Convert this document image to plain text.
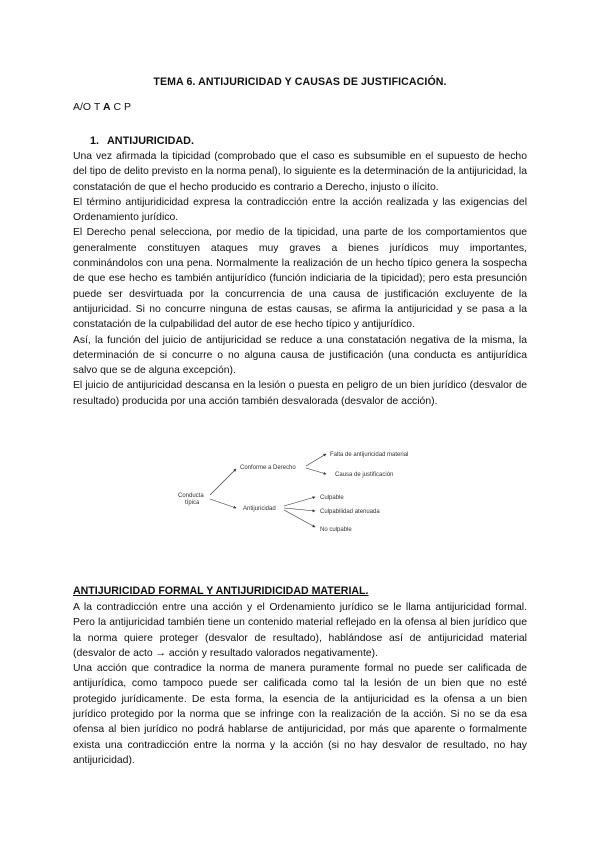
TEMA 6. ANTIJURICIDAD Y CAUSAS DE JUSTIFICACIÓN.
A/O T A C P
1. ANTIJURICIDAD.

Una vez afirmada la tipicidad (comprobado que el caso es subsumible en el supuesto de hecho del tipo de delito previsto en la norma penal), lo siguiente es la determinación de la antijuricidad, la constatación de que el hecho producido es contrario a Derecho, injusto o ilícito.

El término antijuridicidad expresa la contradicción entre la acción realizada y las exigencias del Ordenamiento jurídico.

El Derecho penal selecciona, por medio de la tipicidad, una parte de los comportamientos que generalmente constituyen ataques muy graves a bienes jurídicos muy importantes, conminándolos con una pena. Normalmente la realización de un hecho típico genera la sospecha de que ese hecho es también antijurídico (función indiciaria de la tipicidad); pero esta presunción puede ser desvirtuada por la concurrencia de una causa de justificación excluyente de la antijuricidad. Si no concurre ninguna de estas causas, se afirma la antijuricidad y se pasa a la constatación de la culpabilidad del autor de ese hecho típico y antijurídico.

Así, la función del juicio de antijuricidad se reduce a una constatación negativa de la misma, la determinación de si concurre o no alguna causa de justificación (una conducta es antijurídica salvo que se de alguna excepción).

El juicio de antijuricidad descansa en la lesión o puesta en peligro de un bien jurídico (desvalor de resultado) producida por una acción también desvalorada (desvalor de acción).

Conducta
típica
Conforme a Derecho
Antijuricidad
Falta de antijuricidad material
Causa de justificación
Culpable
Culpabilidad atenuada
No culpable
ANTIJURICIDAD FORMAL Y ANTIJURIDICIDAD MATERIAL.

A la contradicción entre una acción y el Ordenamiento jurídico se le llama antijuricidad formal. Pero la antijuricidad también tiene un contenido material reflejado en la ofensa al bien jurídico que la norma quiere proteger (desvalor de resultado), hablándose así de antijuricidad material (desvalor de acto → acción y resultado valorados negativamente).

Una acción que contradice la norma de manera puramente formal no puede ser calificada de antijurídica, como tampoco puede ser calificada como tal la lesión de un bien que no esté protegido jurídicamente. De esta forma, la esencia de la antijuricidad es la ofensa a un bien jurídico protegido por la norma que se infringe con la realización de la acción. Si no se da esa ofensa al bien jurídico no podrá hablarse de antijuricidad, por más que aparente o formalmente exista una contradicción entre la norma y la acción (si no hay desvalor de resultado, no hay antijuricidad).
